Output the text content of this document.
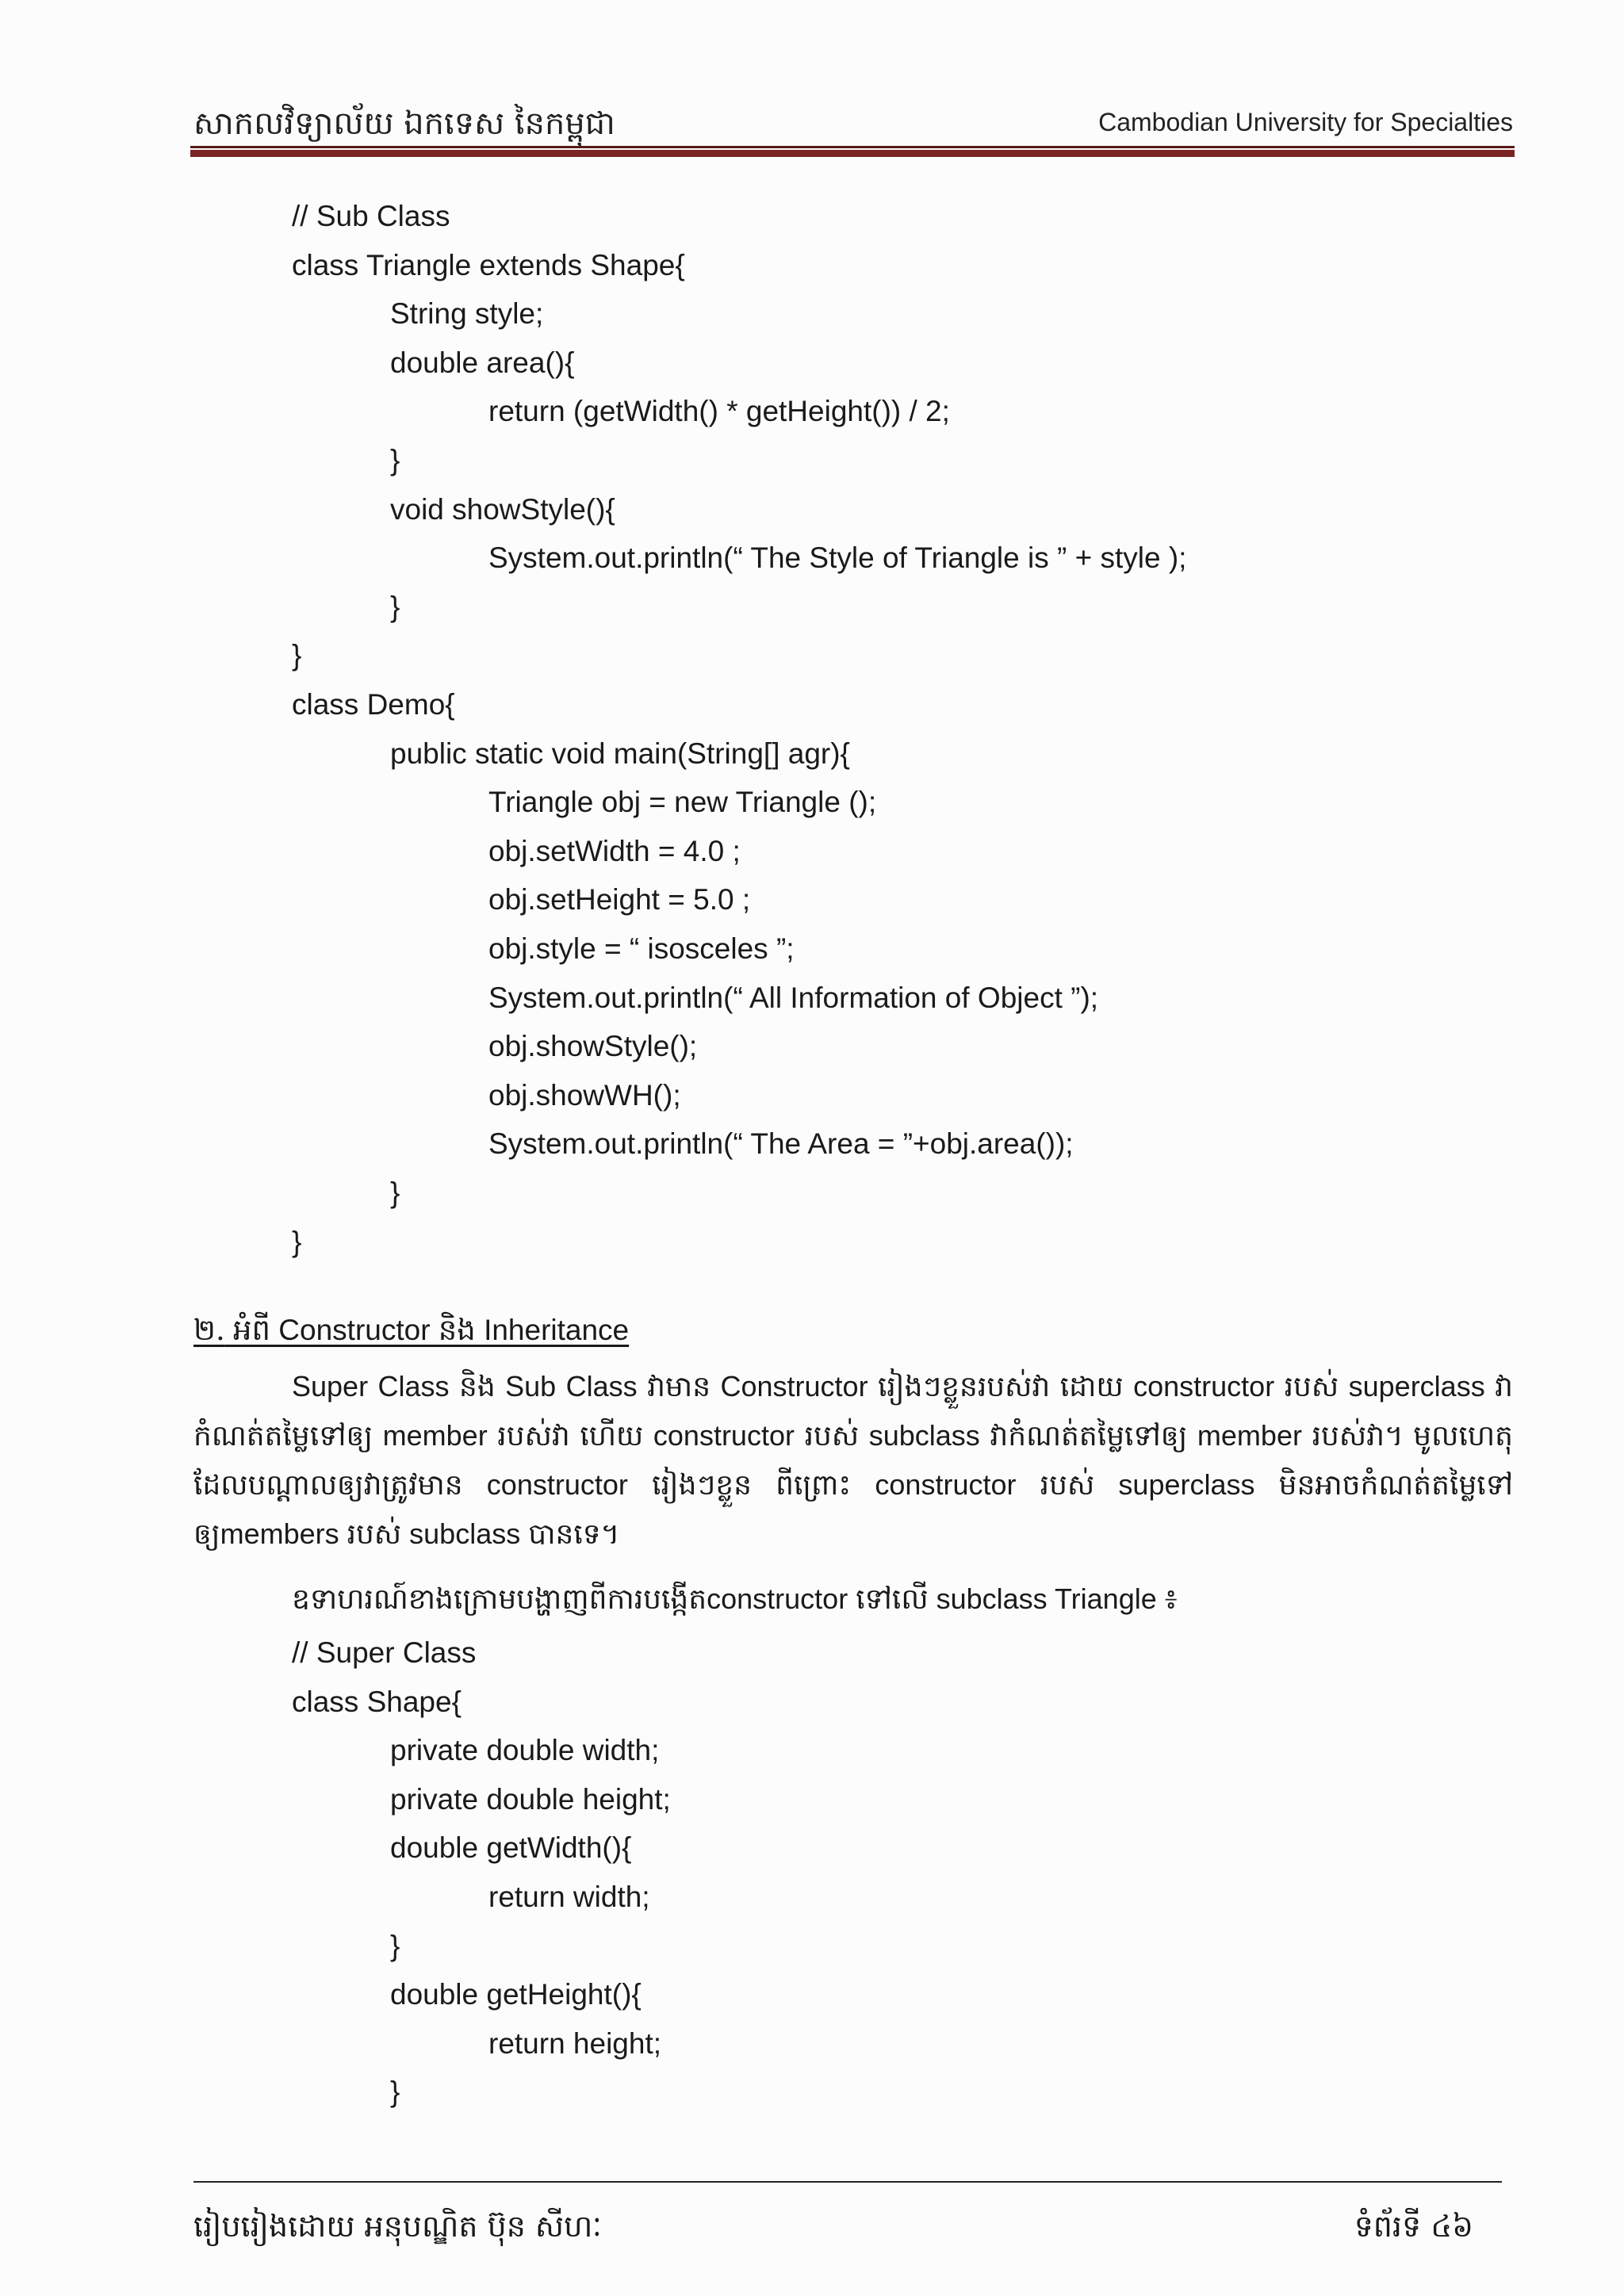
សាកលវិទ្យាល័យ ឯកទេស នៃកម្ពុជា	Cambodian University for Specialties
// Sub Class
class Triangle extends Shape{
String style;
double area(){
return (getWidth() * getHeight()) / 2;
}
void showStyle(){
System.out.println(“ The Style of Triangle is ” + style );
}
}
class Demo{
public static void main(String[] agr){
Triangle obj = new Triangle ();
obj.setWidth = 4.0 ;
obj.setHeight = 5.0 ;
obj.style = “ isosceles ”;
System.out.println(“ All Information of Object ”);
obj.showStyle();
obj.showWH();
System.out.println(“ The Area = ”+obj.area());
}
}
២. អំពី Constructor និង Inheritance
Super Class និង Sub Class វាមាន Constructor រៀងៗខ្លួនរបស់វា ដោយ constructor របស់ superclass វាកំណត់តម្លៃទៅឲ្យ member របស់វា ហើយ constructor របស់ subclass វាកំណត់តម្លៃទៅឲ្យ member របស់វា។ មូលហេតុដែលបណ្តាលឲ្យវាត្រូវមាន constructor រៀងៗខ្លួន ពីព្រោះ constructor របស់ superclass មិនអាចកំណត់តម្លៃទៅឲ្យmembers របស់ subclass បានទេ។
ឧទាហរណ៍ខាងក្រោមបង្ហាញពីការបង្កើតconstructor ទៅលើ subclass Triangle ៖
// Super Class
class Shape{
private double width;
private double height;
double getWidth(){
return width;
}
double getHeight(){
return height;
}
រៀបរៀងដោយ អនុបណ្ឌិត ប៊ុន សីហៈ	ទំព័រទី ៤៦
